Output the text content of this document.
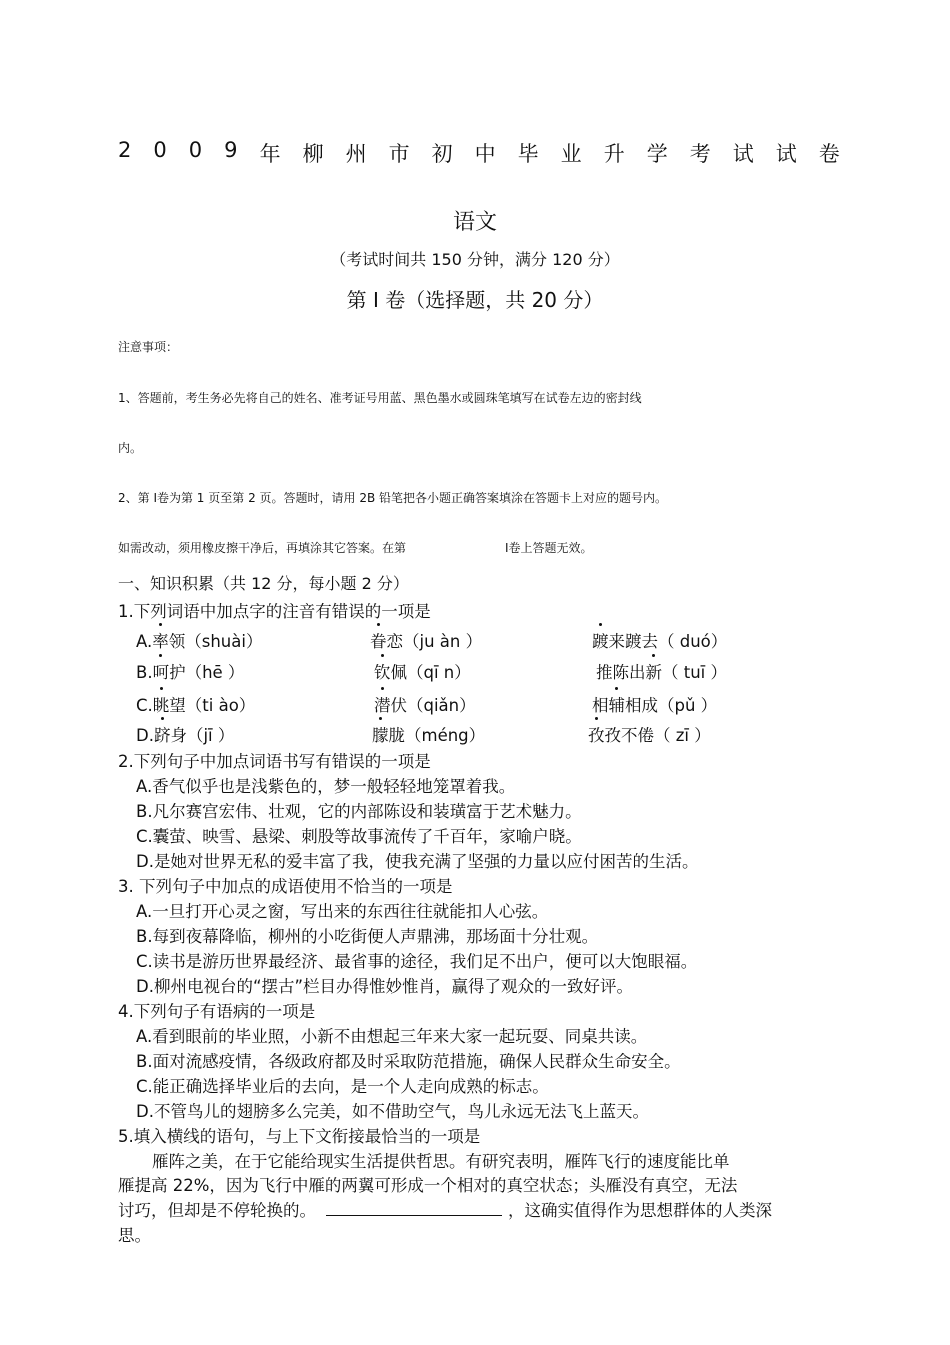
2 0 0 9 年 柳 州 市 初 中 毕 业 升 学 考 试 试 卷
语文
（考试时间共 150 分钟，满分 120 分）
第 Ⅰ 卷（选择题，共 20 分）
注意事项：
1、答题前，考生务必先将自己的姓名、准考证号用蓝、黑色墨水或圆珠笔填写在试卷左边的密封线
内。
2、第 Ⅰ卷为第 1 页至第 2 页。答题时，请用 2B 铅笔把各小题正确答案填涂在答题卡上对应的题号内。
如需改动，须用橡皮擦干净后，再填涂其它答案。在第	Ⅰ卷上答题无效。
一、知识积累（共 12 分，每小题 2 分）
1.下列词语中加点字的注音有错误的一项是
A.率领（shuài）	眷恋（ju àn ）	踱来踱去（ duó）
B.呵护（hē ）	钦佩（qī n）	推陈出新（ tuī ）
C.眺望（ti ào）	潜伏（qiǎn）	相辅相成（pǔ ）
D.跻身（jī ）	朦胧（méng）	孜孜不倦（ zī ）
2.下列句子中加点词语书写有错误的一项是
A.香气似乎也是浅紫色的，梦一般轻轻地笼罩着我。
B.凡尔赛宫宏伟、壮观，它的内部陈设和装璜富于艺术魅力。
C.囊萤、映雪、悬梁、刺股等故事流传了千百年，家喻户晓。
D.是她对世界无私的爱丰富了我，使我充满了坚强的力量以应付困苦的生活。
3. 下列句子中加点的成语使用不恰当的一项是
A.一旦打开心灵之窗，写出来的东西往往就能扣人心弦。
B.每到夜幕降临，柳州的小吃街便人声鼎沸，那场面十分壮观。
C.读书是游历世界最经济、最省事的途径，我们足不出户，便可以大饱眼福。
D.柳州电视台的“摆古”栏目办得惟妙惟肖，赢得了观众的一致好评。
4.下列句子有语病的一项是
A.看到眼前的毕业照，小新不由想起三年来大家一起玩耍、同桌共读。
B.面对流感疫情，各级政府都及时采取防范措施，确保人民群众生命安全。
C.能正确选择毕业后的去向，是一个人走向成熟的标志。
D.不管鸟儿的翅膀多么完美，如不借助空气，鸟儿永远无法飞上蓝天。
5.填入横线的语句，与上下文衔接最恰当的一项是
雁阵之美，在于它能给现实生活提供哲思。有研究表明，雁阵飞行的速度能比单
雁提高 22%，因为飞行中雁的两翼可形成一个相对的真空状态；头雁没有真空，无法
讨巧，但却是不停轮换的。	，这确实值得作为思想群体的人类深
思。
